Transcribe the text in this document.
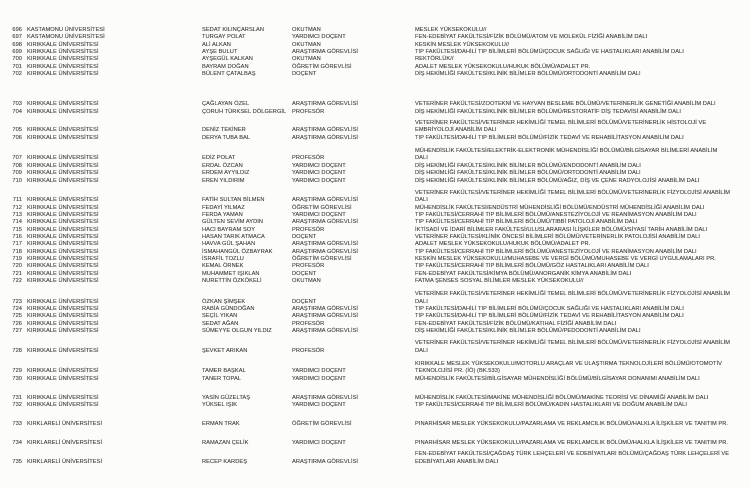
696 KASTAMONU ÜNİVERSİTESİ	SEDAT KILINÇARSLAN	OKUTMAN	MESLEK YÜKSEKOKULU//
697 KASTAMONU ÜNİVERSİTESİ	TURGAY POLAT	YARDIMCI DOÇENT	FEN-EDEBİYAT FAKÜLTESİ/FİZİK BÖLÜMÜ/ATOM VE MOLEKÜL FİZİĞİ ANABİLİM DALI
698 KIRIKKALE ÜNİVERSİTESİ	ALİ ALKAN	OKUTMAN	KESKİN MESLEK YÜKSEKOKULU//
699 KIRIKKALE ÜNİVERSİTESİ	AYŞE BULUT	ARAŞTIRMA GÖREVLİSİ	TIP FAKÜLTESİ/DAHİLİ TIP BİLİMLERİ BÖLÜMÜ/ÇOCUK SAĞLIĞI VE HASTALIKLARI ANABİLİM DALI
700 KIRIKKALE ÜNİVERSİTESİ	AYŞEGÜL KALKAN	OKUTMAN	REKTÖRLÜK//
701 KIRIKKALE ÜNİVERSİTESİ	BAYRAM DOĞAN	ÖĞRETİM GÖREVLİSİ	ADALET MESLEK YÜKSEKOKULU/HUKUK BÖLÜMÜ/ADALET PR.
702 KIRIKKALE ÜNİVERSİTESİ	BÜLENT ÇATALBAŞ	DOÇENT	DİŞ HEKİMLİĞİ FAKÜLTESİ/KLİNİK BİLİMLER BÖLÜMÜ/ORTODONTİ ANABİLİM DALI
703 KIRIKKALE ÜNİVERSİTESİ	ÇAĞLAYAN ÖZEL	ARAŞTIRMA GÖREVLİSİ	VETERİNER FAKÜLTESİ/ZOOTEKNİ VE HAYVAN BESLEME BÖLÜMÜ/VETERİNERLİK GENETİĞİ ANABİLİM DALI
704 KIRIKKALE ÜNİVERSİTESİ	ÇORUH TÜRKSEL DÖLGERGİL	PROFESÖR	DİŞ HEKİMLİĞİ FAKÜLTESİ/KLİNİK BİLİMLER BÖLÜMÜ/RESTORATİF DİŞ TEDAVİSİ ANABİLİM DALI
705 KIRIKKALE ÜNİVERSİTESİ	DENİZ TEKİNER	ARAŞTIRMA GÖREVLİSİ
VETERİNER FAKÜLTESİ/VETERİNER HEKİMLİĞİ TEMEL BİLİMLERİ BÖLÜMÜ/VETERİNERLİK HİSTOLOJİ VE
EMBRİYOLOJİ ANABİLİM DALI
706 KIRIKKALE ÜNİVERSİTESİ	DERYA TUBA BAL	ARAŞTIRMA GÖREVLİSİ	TIP FAKÜLTESİ/DAHİLİ TIP BİLİMLERİ BÖLÜMÜ/FİZİK TEDAVİ VE REHABİLİTASYON ANABİLİM DALI
707 KIRIKKALE ÜNİVERSİTESİ	EDİZ POLAT	PROFESÖR
MÜHENDİSLİK FAKÜLTESİ/ELEKTRİK-ELEKTRONİK MÜHENDİSLİĞİ BÖLÜMÜ/BİLGİSAYAR BİLİMLERİ ANABİLİM
DALI
708 KIRIKKALE ÜNİVERSİTESİ	ERDAL ÖZCAN	YARDIMCI DOÇENT	DİŞ HEKİMLİĞİ FAKÜLTESİ/KLİNİK BİLİMLER BÖLÜMÜ/ENDODONTİ ANABİLİM DALI
709 KIRIKKALE ÜNİVERSİTESİ	ERDEM AYYILDIZ	YARDIMCI DOÇENT	DİŞ HEKİMLİĞİ FAKÜLTESİ/KLİNİK BİLİMLER BÖLÜMÜ/ORTODONTİ ANABİLİM DALI
710 KIRIKKALE ÜNİVERSİTESİ	EREN YILDIRIM	YARDIMCI DOÇENT	DİŞ HEKİMLİĞİ FAKÜLTESİ/KLİNİK BİLİMLER BÖLÜMÜ/AĞIZ, DİŞ VE ÇENE RADYOLOJİSİ ANABİLİM DALI
711 KIRIKKALE ÜNİVERSİTESİ	FATİH SULTAN BİLMEN	ARAŞTIRMA GÖREVLİSİ
VETERİNER FAKÜLTESİ/VETERİNER HEKİMLİĞİ TEMEL BİLİMLERİ BÖLÜMÜ/VETERİNERLİK FİZYOLOJİSİ ANABİLİM
DALI
712 KIRIKKALE ÜNİVERSİTESİ	FEDAYİ YILMAZ	ÖĞRETİM GÖREVLİSİ	MÜHENDİSLİK FAKÜLTESİ/ENDÜSTRİ MÜHENDİSLİĞİ BÖLÜMÜ/ENDÜSTRİ MÜHENDİSLİĞİ ANABİLİM DALI
713 KIRIKKALE ÜNİVERSİTESİ	FERDA YAMAN	YARDIMCI DOÇENT	TIP FAKÜLTESİ/CERRAHİ TIP BİLİMLERİ BÖLÜMÜ/ANESTEZİYOLOJİ VE REANİMASYON ANABİLİM DALI
714 KIRIKKALE ÜNİVERSİTESİ	GÜLTEN SEVİM AYDIN	ARAŞTIRMA GÖREVLİSİ	TIP FAKÜLTESİ/CERRAHİ TIP BİLİMLERİ BÖLÜMÜ/TIBBİ PATOLOJİ ANABİLİM DALI
715 KIRIKKALE ÜNİVERSİTESİ	HACI BAYRAM SOY	PROFESÖR	İKTİSADİ VE İDARİ BİLİMLER FAKÜLTESİ/ULUSLARARASI İLİŞKİLER BÖLÜMÜ/SİYASİ TARİH ANABİLİM DALI
716 KIRIKKALE ÜNİVERSİTESİ	HASAN TARIK ATMACA	DOÇENT	VETERİNER FAKÜLTESİ/KLİNİK ÖNCESİ BİLİMLERİ BÖLÜMÜ/VETERİNERLİK PATOLOJİSİ ANABİLİM DALI
717 KIRIKKALE ÜNİVERSİTESİ	HAVVA GÜL ŞAHAN	ARAŞTIRMA GÖREVLİSİ	ADALET MESLEK YÜKSEKOKULU/HUKUK BÖLÜMÜ/ADALET PR.
718 KIRIKKALE ÜNİVERSİTESİ	İSMAHANGÜL ÖZBAYRAK	ARAŞTIRMA GÖREVLİSİ	TIP FAKÜLTESİ/CERRAHİ TIP BİLİMLERİ BÖLÜMÜ/ANESTEZİYOLOJİ VE REANİMASYON ANABİLİM DALI
719 KIRIKKALE ÜNİVERSİTESİ	İSRAFİL TOZLU	ÖĞRETİM GÖREVLİSİ	KESKİN MESLEK YÜKSEKOKULU/MUHASEBE VE VERGİ BÖLÜMÜ/MUHASEBE VE VERGİ UYGULAMALARI PR.
720 KIRIKKALE ÜNİVERSİTESİ	KEMAL ÖRNEK	PROFESÖR	TIP FAKÜLTESİ/CERRAHİ TIP BİLİMLERİ BÖLÜMÜ/GÖZ HASTALIKLARI ANABİLİM DALI
721 KIRIKKALE ÜNİVERSİTESİ	MUHAMMET IŞIKLAN	DOÇENT	FEN-EDEBİYAT FAKÜLTESİ/KİMYA BÖLÜMÜ/ANORGANİK KİMYA ANABİLİM DALI
722 KIRIKKALE ÜNİVERSİTESİ	NURETTİN ÖZKÖKELİ	OKUTMAN	FATMA ŞENSES SOSYAL BİLİMLER MESLEK YÜKSEKOKULU//
723 KIRIKKALE ÜNİVERSİTESİ	ÖZKAN ŞİMŞEK	DOÇENT
VETERİNER FAKÜLTESİ/VETERİNER HEKİMLİĞİ TEMEL BİLİMLERİ BÖLÜMÜ/VETERİNERLİK FİZYOLOJİSİ ANABİLİM
DALI
724 KIRIKKALE ÜNİVERSİTESİ	RABİA GÜNDOĞAN	ARAŞTIRMA GÖREVLİSİ	TIP FAKÜLTESİ/DAHİLİ TIP BİLİMLERİ BÖLÜMÜ/ÇOCUK SAĞLIĞI VE HASTALIKLARI ANABİLİM DALI
725 KIRIKKALE ÜNİVERSİTESİ	SEÇİL YIKAN	ARAŞTIRMA GÖREVLİSİ	TIP FAKÜLTESİ/DAHİLİ TIP BİLİMLERİ BÖLÜMÜ/FİZİK TEDAVİ VE REHABİLİTASYON ANABİLİM DALI
726 KIRIKKALE ÜNİVERSİTESİ	SEDAT AĞAN	PROFESÖR	FEN-EDEBİYAT FAKÜLTESİ/FİZİK BÖLÜMÜ/KATIHAL FİZİĞİ ANABİLİM DALI
727 KIRIKKALE ÜNİVERSİTESİ	SÜMEYYE OLGUN YILDIZ	ARAŞTIRMA GÖREVLİSİ	DİŞ HEKİMLİĞİ FAKÜLTESİ/KLİNİK BİLİMLER BÖLÜMÜ/PEDODONTİ ANABİLİM DALI
728 KIRIKKALE ÜNİVERSİTESİ	ŞEVKET ARIKAN	PROFESÖR
VETERİNER FAKÜLTESİ/VETERİNER HEKİMLİĞİ TEMEL BİLİMLERİ BÖLÜMÜ/VETERİNERLİK FİZYOLOJİSİ ANABİLİM
DALI
729 KIRIKKALE ÜNİVERSİTESİ	TAMER BAŞKAL	YARDIMCI DOÇENT
KIRIKKALE MESLEK YÜKSEKOKULU/MOTORLU ARAÇLAR VE ULAŞTIRMA TEKNOLOJİLERİ BÖLÜMÜ/OTOMOTİV
TEKNOLOJİSİ PR. (İÖ) (BK.533)
730 KIRIKKALE ÜNİVERSİTESİ	TANER TOPAL	YARDIMCI DOÇENT	MÜHENDİSLİK FAKÜLTESİ/BİLGİSAYAR MÜHENDİSLİĞİ BÖLÜMÜ/BİLGİSAYAR DONANIMI ANABİLİM DALI
731 KIRIKKALE ÜNİVERSİTESİ	YASİN GÜZELTAŞ	ARAŞTIRMA GÖREVLİSİ	MÜHENDİSLİK FAKÜLTESİ/MAKİNE MÜHENDİSLİĞİ BÖLÜMÜ/MAKİNE TEORİSİ VE DİNAMİĞİ ANABİLİM DALI
732 KIRIKKALE ÜNİVERSİTESİ	YÜKSEL IŞIK	YARDIMCI DOÇENT	TIP FAKÜLTESİ/CERRAHİ TIP BİLİMLERİ BÖLÜMÜ/KADIN HASTALIKLARI VE DOĞUM ANABİLİM DALI
733 KIRKLARELİ ÜNİVERSİTESİ	ERMAN TRAK	ÖĞRETİM GÖREVLİSİ	PINARHİSAR MESLEK YÜKSEKOKULU/PAZARLAMA VE REKLAMCILIK BÖLÜMÜ/HALKLA İLİŞKİLER VE TANITIM PR.
734 KIRKLARELİ ÜNİVERSİTESİ	RAMAZAN ÇELİK	YARDIMCI DOÇENT	PINARHİSAR MESLEK YÜKSEKOKULU/PAZARLAMA VE REKLAMCILIK BÖLÜMÜ/HALKLA İLİŞKİLER VE TANITIM PR.
735 KIRKLARELİ ÜNİVERSİTESİ	RECEP KARDEŞ	ARAŞTIRMA GÖREVLİSİ
FEN-EDEBİYAT FAKÜLTESİ/ÇAĞDAŞ TÜRK LEHÇELERİ VE EDEBİYATLARI BÖLÜMÜ/ÇAĞDAŞ TÜRK LEHÇELERİ VE
EDEBİYATLARI ANABİLİM DALI
